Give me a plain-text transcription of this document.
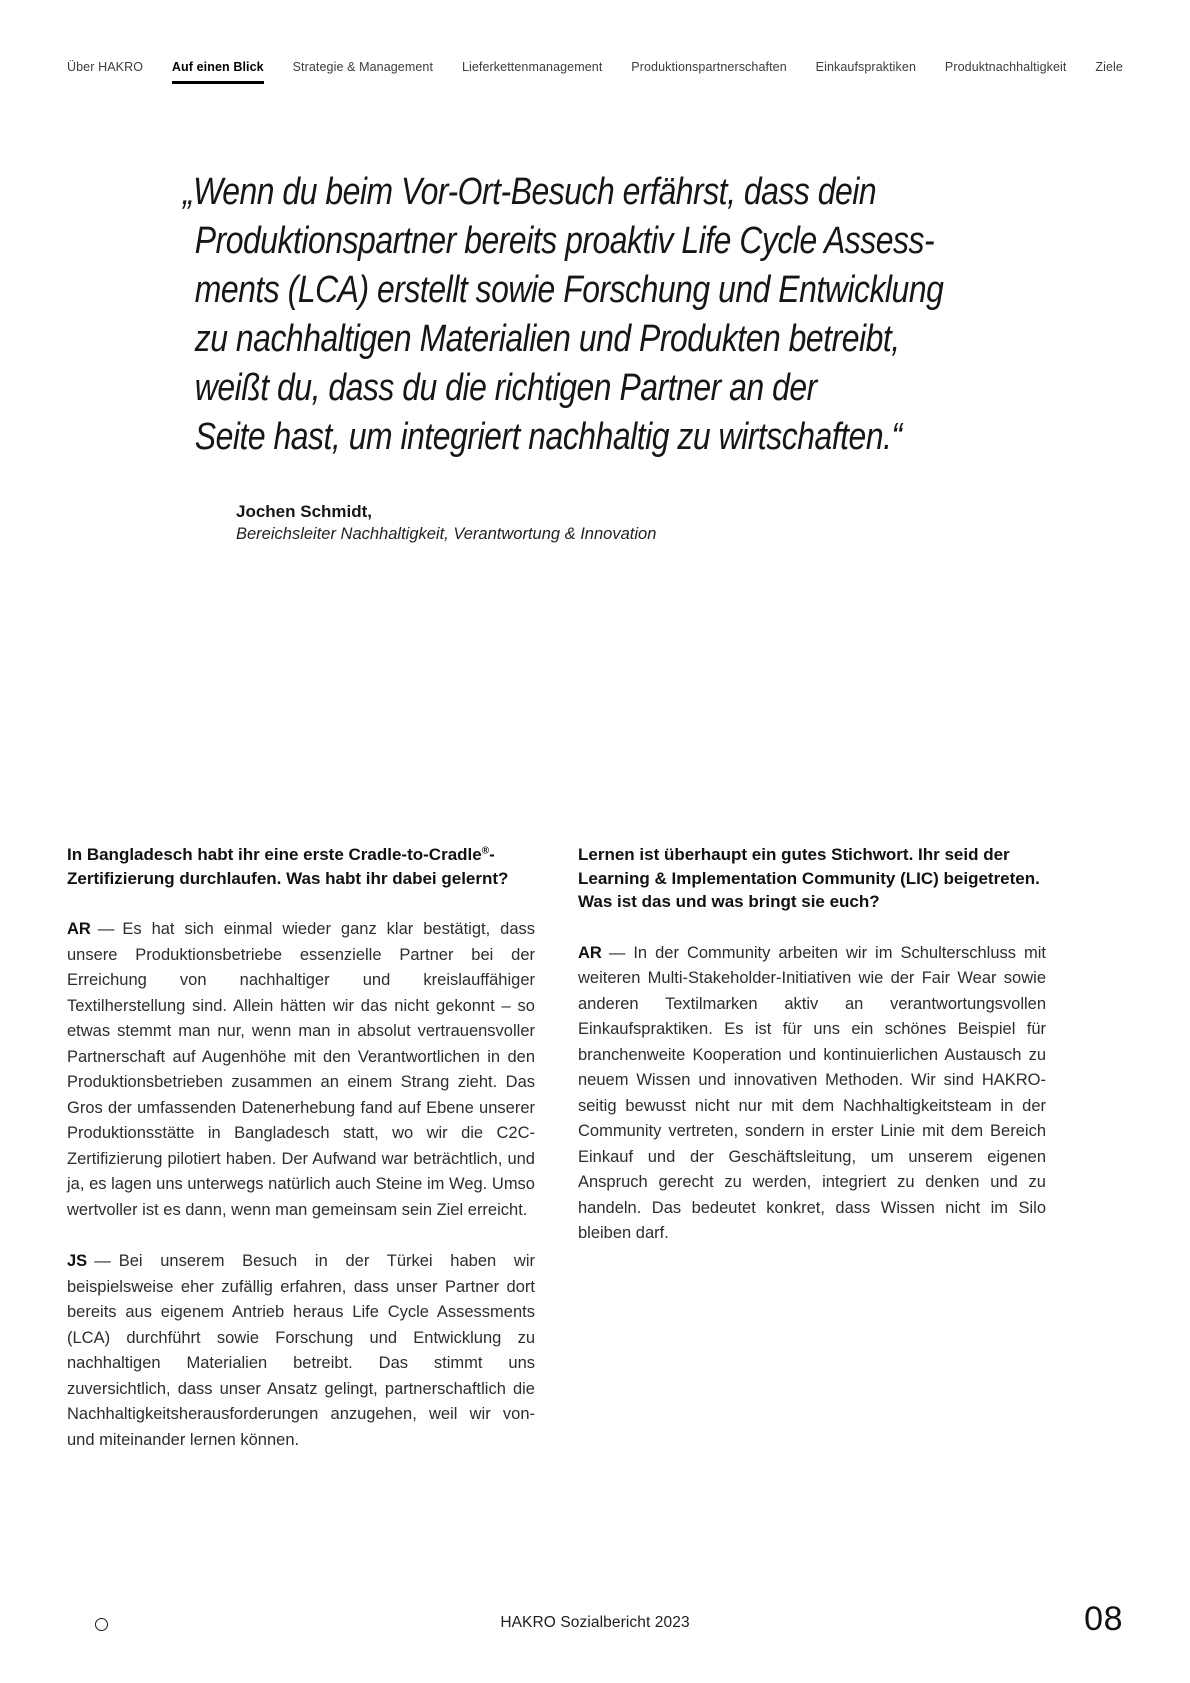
Über HAKRO Auf einen Blick Strategie & Management Lieferkettenmanagement Produktionspartnerschaften Einkaufspraktiken Produktnachhaltigkeit Ziele
„Wenn du beim Vor-Ort-Besuch erfährst, dass dein
Produktionspartner bereits proaktiv Life Cycle Assess-
ments (LCA) erstellt sowie Forschung und Entwicklung
zu nachhaltigen Materialien und Produkten betreibt,
weißt du, dass du die richtigen Partner an der
Seite hast, um integriert nachhaltig zu wirtschaften.“
Jochen Schmidt,
Bereichsleiter Nachhaltigkeit, Verantwortung & Innovation
In Bangladesch habt ihr eine erste Cradle-to-Cradle®-Zertifizierung durchlaufen. Was habt ihr dabei gelernt?

AR — Es hat sich einmal wieder ganz klar bestätigt, dass unsere Produktionsbetriebe essenzielle Partner bei der Erreichung von nachhaltiger und kreislauffähiger Textilherstellung sind. Allein hätten wir das nicht gekonnt – so etwas stemmt man nur, wenn man in absolut vertrauensvoller Partnerschaft auf Augenhöhe mit den Verantwortlichen in den Produktionsbetrieben zusammen an einem Strang zieht. Das Gros der umfassenden Datenerhebung fand auf Ebene unserer Produktionsstätte in Bangladesch statt, wo wir die C2C-Zertifizierung pilotiert haben. Der Aufwand war beträchtlich, und ja, es lagen uns unterwegs natürlich auch Steine im Weg. Umso wertvoller ist es dann, wenn man gemeinsam sein Ziel erreicht.

JS — Bei unserem Besuch in der Türkei haben wir beispielsweise eher zufällig erfahren, dass unser Partner dort bereits aus eigenem Antrieb heraus Life Cycle Assessments (LCA) durchführt sowie Forschung und Entwicklung zu nachhaltigen Materialien betreibt. Das stimmt uns zuversichtlich, dass unser Ansatz gelingt, partnerschaftlich die Nachhaltigkeitsherausforderungen anzugehen, weil wir von- und miteinander lernen können.

Lernen ist überhaupt ein gutes Stichwort. Ihr seid der Learning & Implementation Community (LIC) beigetreten. Was ist das und was bringt sie euch?

AR — In der Community arbeiten wir im Schulterschluss mit weiteren Multi-Stakeholder-Initiativen wie der Fair Wear sowie anderen Textilmarken aktiv an verantwortungsvollen Einkaufspraktiken. Es ist für uns ein schönes Beispiel für branchenweite Kooperation und kontinuierlichen Austausch zu neuem Wissen und innovativen Methoden. Wir sind HAKRO-seitig bewusst nicht nur mit dem Nachhaltigkeitsteam in der Community vertreten, sondern in erster Linie mit dem Bereich Einkauf und der Geschäftsleitung, um unserem eigenen Anspruch gerecht zu werden, integriert zu denken und zu handeln. Das bedeutet konkret, dass Wissen nicht im Silo bleiben darf.

HAKRO Sozialbericht 2023	08
